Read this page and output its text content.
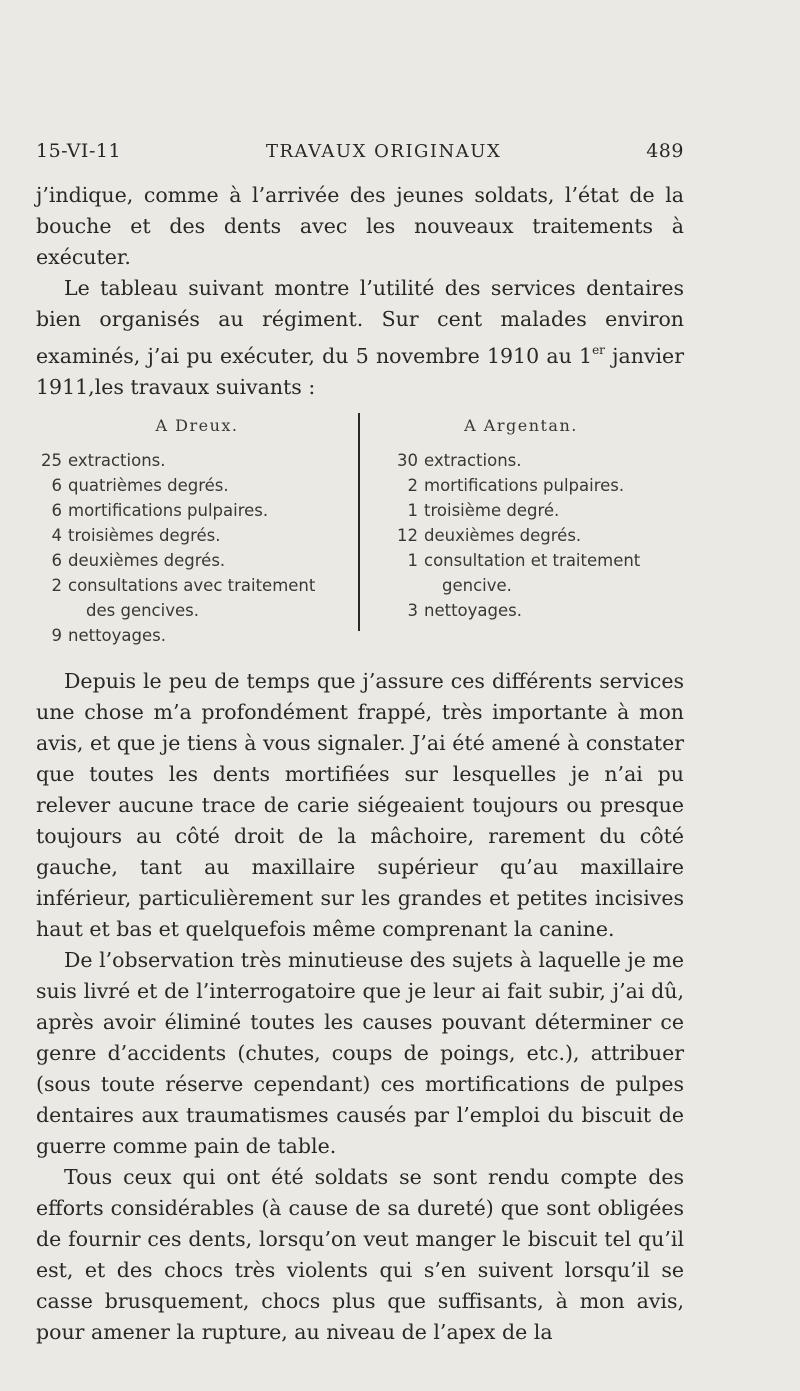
15-VI-11	TRAVAUX ORIGINAUX	489

j’indique, comme à l’arrivée des jeunes soldats, l’état de la bouche et des dents avec les nouveaux traitements à exécuter.

Le tableau suivant montre l’utilité des services dentaires bien organisés au régiment. Sur cent malades environ examinés, j’ai pu exécuter, du 5 novembre 1910 au 1er janvier 1911,les travaux suivants :

A Dreux.
25 extractions.
6 quatrièmes degrés.
6 mortifications pulpaires.
4 troisièmes degrés.
6 deuxièmes degrés.
2 consultations avec traitement
des gencives.
9 nettoyages.
A Argentan.
30 extractions.
2 mortifications pulpaires.
1 troisième degré.
12 deuxièmes degrés.
1 consultation et traitement
gencive.
3 nettoyages.

Depuis le peu de temps que j’assure ces différents services une chose m’a profondément frappé, très importante à mon avis, et que je tiens à vous signaler. J’ai été amené à constater que toutes les dents mortifiées sur lesquelles je n’ai pu relever aucune trace de carie siégeaient toujours ou presque toujours au côté droit de la mâchoire, rarement du côté gauche, tant au maxillaire supérieur qu’au maxillaire inférieur, particulièrement sur les grandes et petites incisives haut et bas et quelquefois même comprenant la canine.

De l’observation très minutieuse des sujets à laquelle je me suis livré et de l’interrogatoire que je leur ai fait subir, j’ai dû, après avoir éliminé toutes les causes pouvant déterminer ce genre d’accidents (chutes, coups de poings, etc.), attribuer (sous toute réserve cependant) ces mortifications de pulpes dentaires aux traumatismes causés par l’emploi du biscuit de guerre comme pain de table.

Tous ceux qui ont été soldats se sont rendu compte des efforts considérables (à cause de sa dureté) que sont obligées de fournir ces dents, lorsqu’on veut manger le biscuit tel qu’il est, et des chocs très violents qui s’en suivent lorsqu’il se casse brusquement, chocs plus que suffisants, à mon avis, pour amener la rupture, au niveau de l’apex de la
